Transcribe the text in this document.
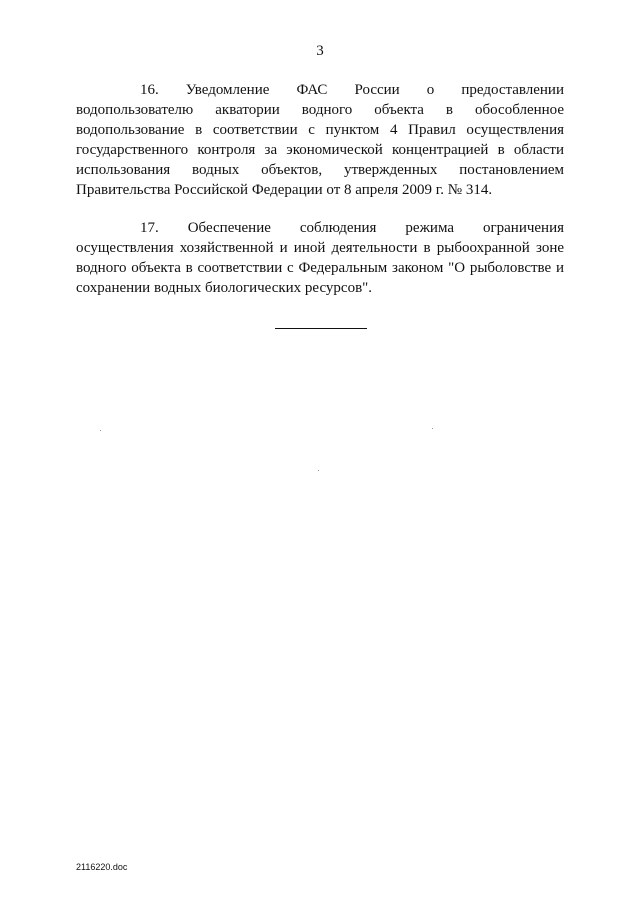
3

16. Уведомление ФАС России о предоставлении водопользователю акватории водного объекта в обособленное водопользование в соответствии с пунктом 4 Правил осуществления государственного контроля за экономической концентрацией в области использования водных объектов, утвержденных постановлением Правительства Российской Федерации от 8 апреля 2009 г. № 314.

17. Обеспечение соблюдения режима ограничения осуществления хозяйственной и иной деятельности в рыбоохранной зоне водного объекта в соответствии с Федеральным законом "О рыболовстве и сохранении водных биологических ресурсов".

2116220.doc
